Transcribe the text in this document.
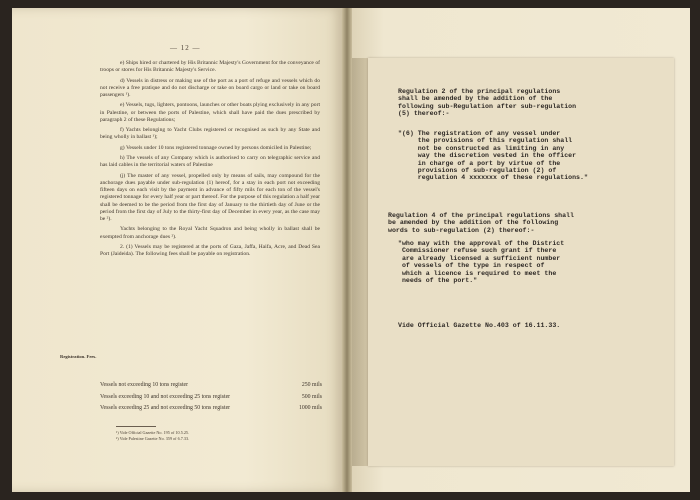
— 12 —

e) Ships hired or chartered by His Britannic Majesty's Government for the conveyance of troops or stores for His Britannic Majesty's Service.

d) Vessels in distress or making use of the port as a port of refuge and vessels which do not receive a free pratique and do not discharge or take on board cargo or land or take on board passengers ¹).

e) Vessels, tugs, lighters, pontoons, launches or other boats plying exclusively in any port in Palestine, or between the ports of Palestine, which shall have paid the dues prescribed by paragraph 2 of these Regulations;

f) Yachts belonging to Yacht Clubs registered or recognised as such by any State and being wholly in ballast ¹);

g) Vessels under 10 tons registered tonnage owned by persons domiciled in Palestine;

h) The vessels of any Company which is authorised to carry on telegraphic service and has laid cables in the territorial waters of Palestine

(j) The master of any vessel, propelled only by means of sails, may compound for the anchorage dues payable under sub-regulation (1) hereof, for a stay in each port not exceeding fifteen days on each visit by the payment in advance of fifty mils for each ton of the vessel's registered tonnage for every half year or part thereof. For the purpose of this regulation a half year shall be deemed to be the period from the first day of January to the thirtieth day of June or the period from the first day of July to the thirty-first day of December in every year, as the case may be ²).

Yachts belonging to the Royal Yacht Squadron and being wholly in ballast shall be exempted from anchorage dues ²).

2. (1) Vessels may be registered at the ports of Gaza, Jaffa, Haifa, Acre, and Dead Sea Port (Jaideida). The following fees shall be payable on registration.

Registration. Fees.
Vessels not exceeding 10 tons register	250 mils
Vessels exceeding 10 and not exceeding 25 tons register	500 mils
Vessels exceeding 25 and not exceeding 50 tons register	1000 mils
¹) Vide Official Gazette No. 195 of 10.5.25.
²) Vide Palestine Gazette No. 359 of 6.7.33.
Regulation 2 of the principal regulations
shall be amended by the addition of the
following sub-Regulation after sub-regulation
(5) thereof:-
"(6) The registration of any vessel under
the provisions of this regulation shall
not be constructed as limiting in any
way the discretion vested in the officer
in charge of a port by virtue of the
provisions of sub-regulation (2) of
regulation 4 xxxxxxx of these regulations."
Regulation 4 of the principal regulations shall
be amended by the addition of the following
words to sub-regulation (2) thereof:-
"who may with the approval of the District
Commissioner refuse such grant if there
are already licensed a sufficient number
of vessels of the type in respect of
which a licence is required to meet the
needs of the port."
Vide Official Gazette No.403 of 16.11.33.
